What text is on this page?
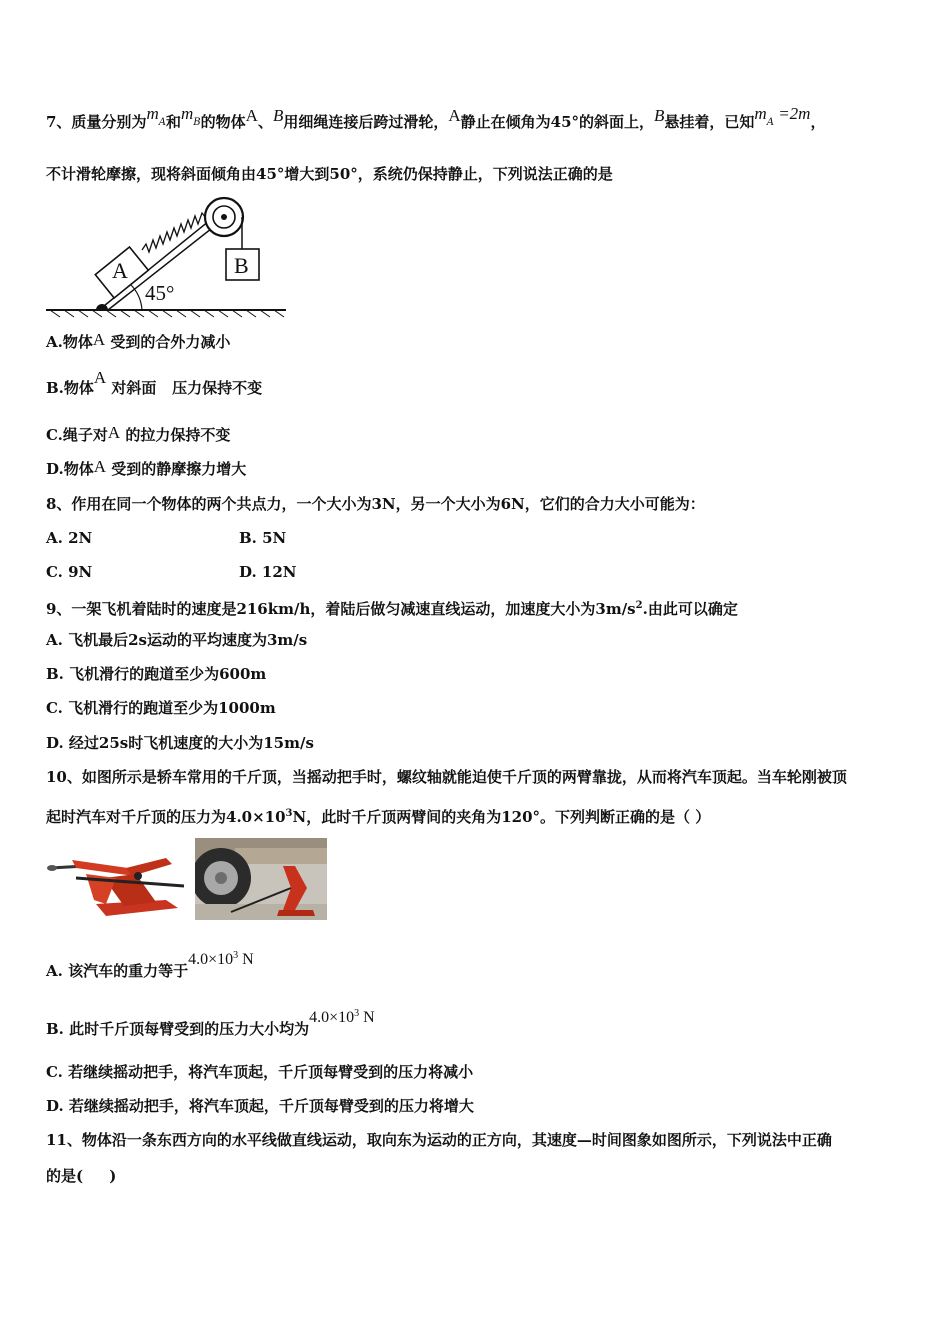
7、质量分别为$m_A$和$m_B$的物体A、B用细绳连接后跨过滑轮，A静止在倾角为45°的斜面上，B悬挂着，已知$m_A =2m$，
不计滑轮摩擦，现将斜面倾角由45°增大到50°，系统仍保持静止，下列说法正确的是
45°
A	B
A.物体A 受到的合外力减小
B.物体A 对斜面   压力保持不变
C.绳子对A 的拉力保持不变
D.物体A 受到的静摩擦力增大
8、作用在同一个物体的两个共点力，一个大小为3N，另一个大小为6N，它们的合力大小可能为：
A. 2N	B. 5N
C. 9N	D. 12N
9、一架飞机着陆时的速度是216km/h，着陆后做匀减速直线运动，加速度大小为$3m/s^2$.由此可以确定
A. 飞机最后2s运动的平均速度为3m/s
B. 飞机滑行的跑道至少为600m
C. 飞机滑行的跑道至少为1000m
D. 经过25s时飞机速度的大小为15m/s
10、如图所示是轿车常用的千斤顶，当摇动把手时，螺纹轴就能迫使千斤顶的两臂靠拢，从而将汽车顶起。当车轮刚被顶
起时汽车对千斤顶的压力为$4.0\times 10^3N$，此时千斤顶两臂间的夹角为120°。下列判断正确的是（ ）
A. 该汽车的重力等于$4.0\times 10^3$ N
B. 此时千斤顶每臂受到的压力大小均为$4.0\times 10^3$ N
C. 若继续摇动把手，将汽车顶起，千斤顶每臂受到的压力将减小
D. 若继续摇动把手，将汽车顶起，千斤顶每臂受到的压力将增大
11、物体沿一条东西方向的水平线做直线运动，取向东为运动的正方向，其速度—时间图象如图所示，下列说法中正确
的是(     )
